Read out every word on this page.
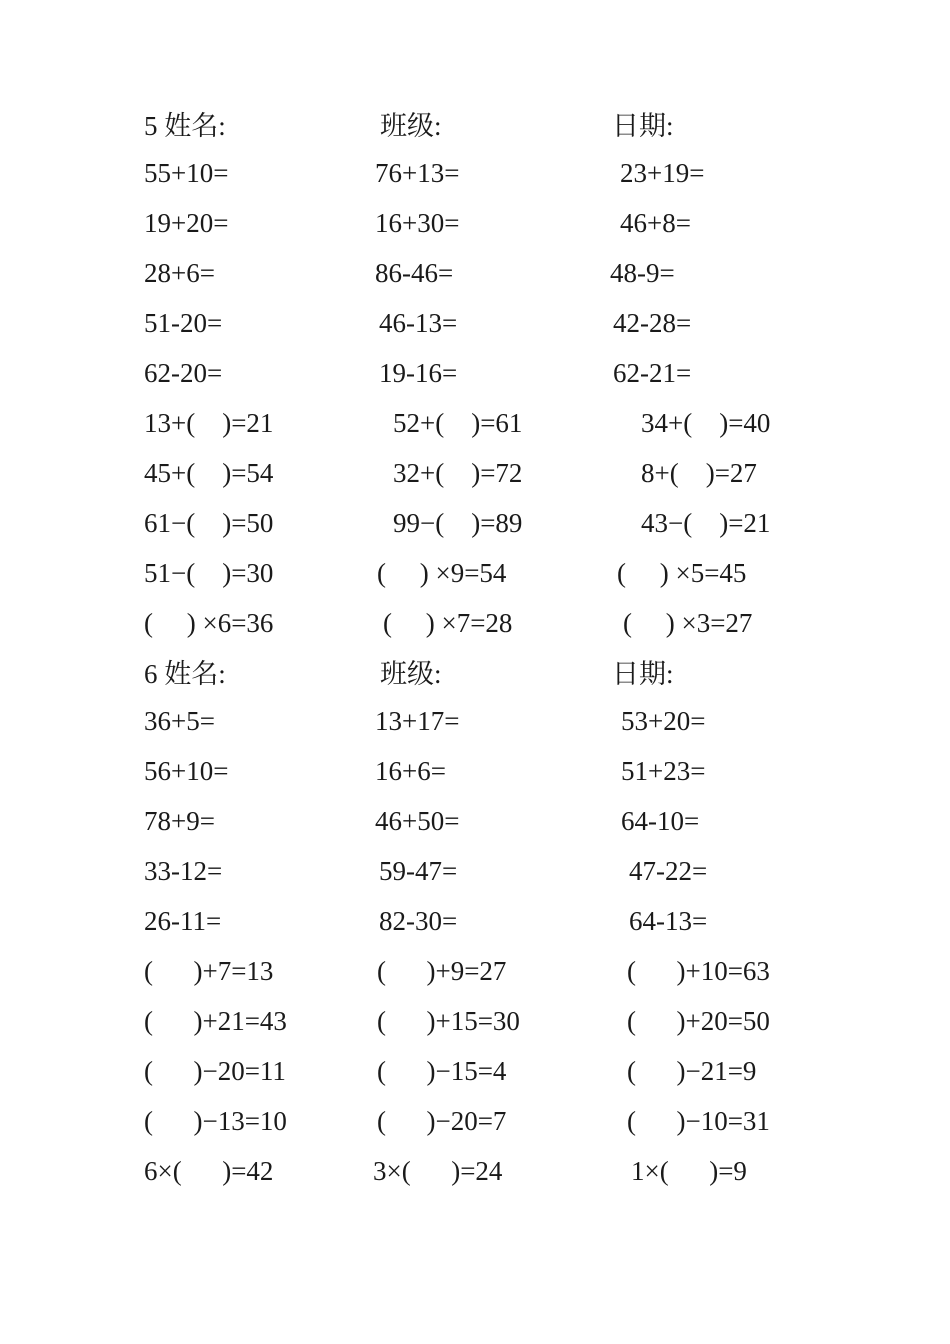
5 姓名:	班级:	日期:
55+10=	76+13=	23+19=
19+20=	16+30=	46+8=
28+6=	86-46=	48-9=
51-20=	46-13=	42-28=
62-20=	19-16=	62-21=
13+(    )=21	52+(    )=61	34+(    )=40
45+(    )=54	32+(    )=72	8+(    )=27
61−(    )=50	99−(    )=89	43−(    )=21
51−(    )=30	(     ) ×9=54	(     ) ×5=45
(     ) ×6=36	(     ) ×7=28	(     ) ×3=27
6 姓名:	班级:	日期:
36+5=	13+17=	53+20=
56+10=	16+6=	51+23=
78+9=	46+50=	64-10=
33-12=	59-47=	47-22=
26-11=	82-30=	64-13=
(      )+7=13	(      )+9=27	(      )+10=63
(      )+21=43	(      )+15=30	(      )+20=50
(      )−20=11	(      )−15=4	(      )−21=9
(      )−13=10	(      )−20=7	(      )−10=31
6×(      )=42	3×(      )=24	1×(      )=9
